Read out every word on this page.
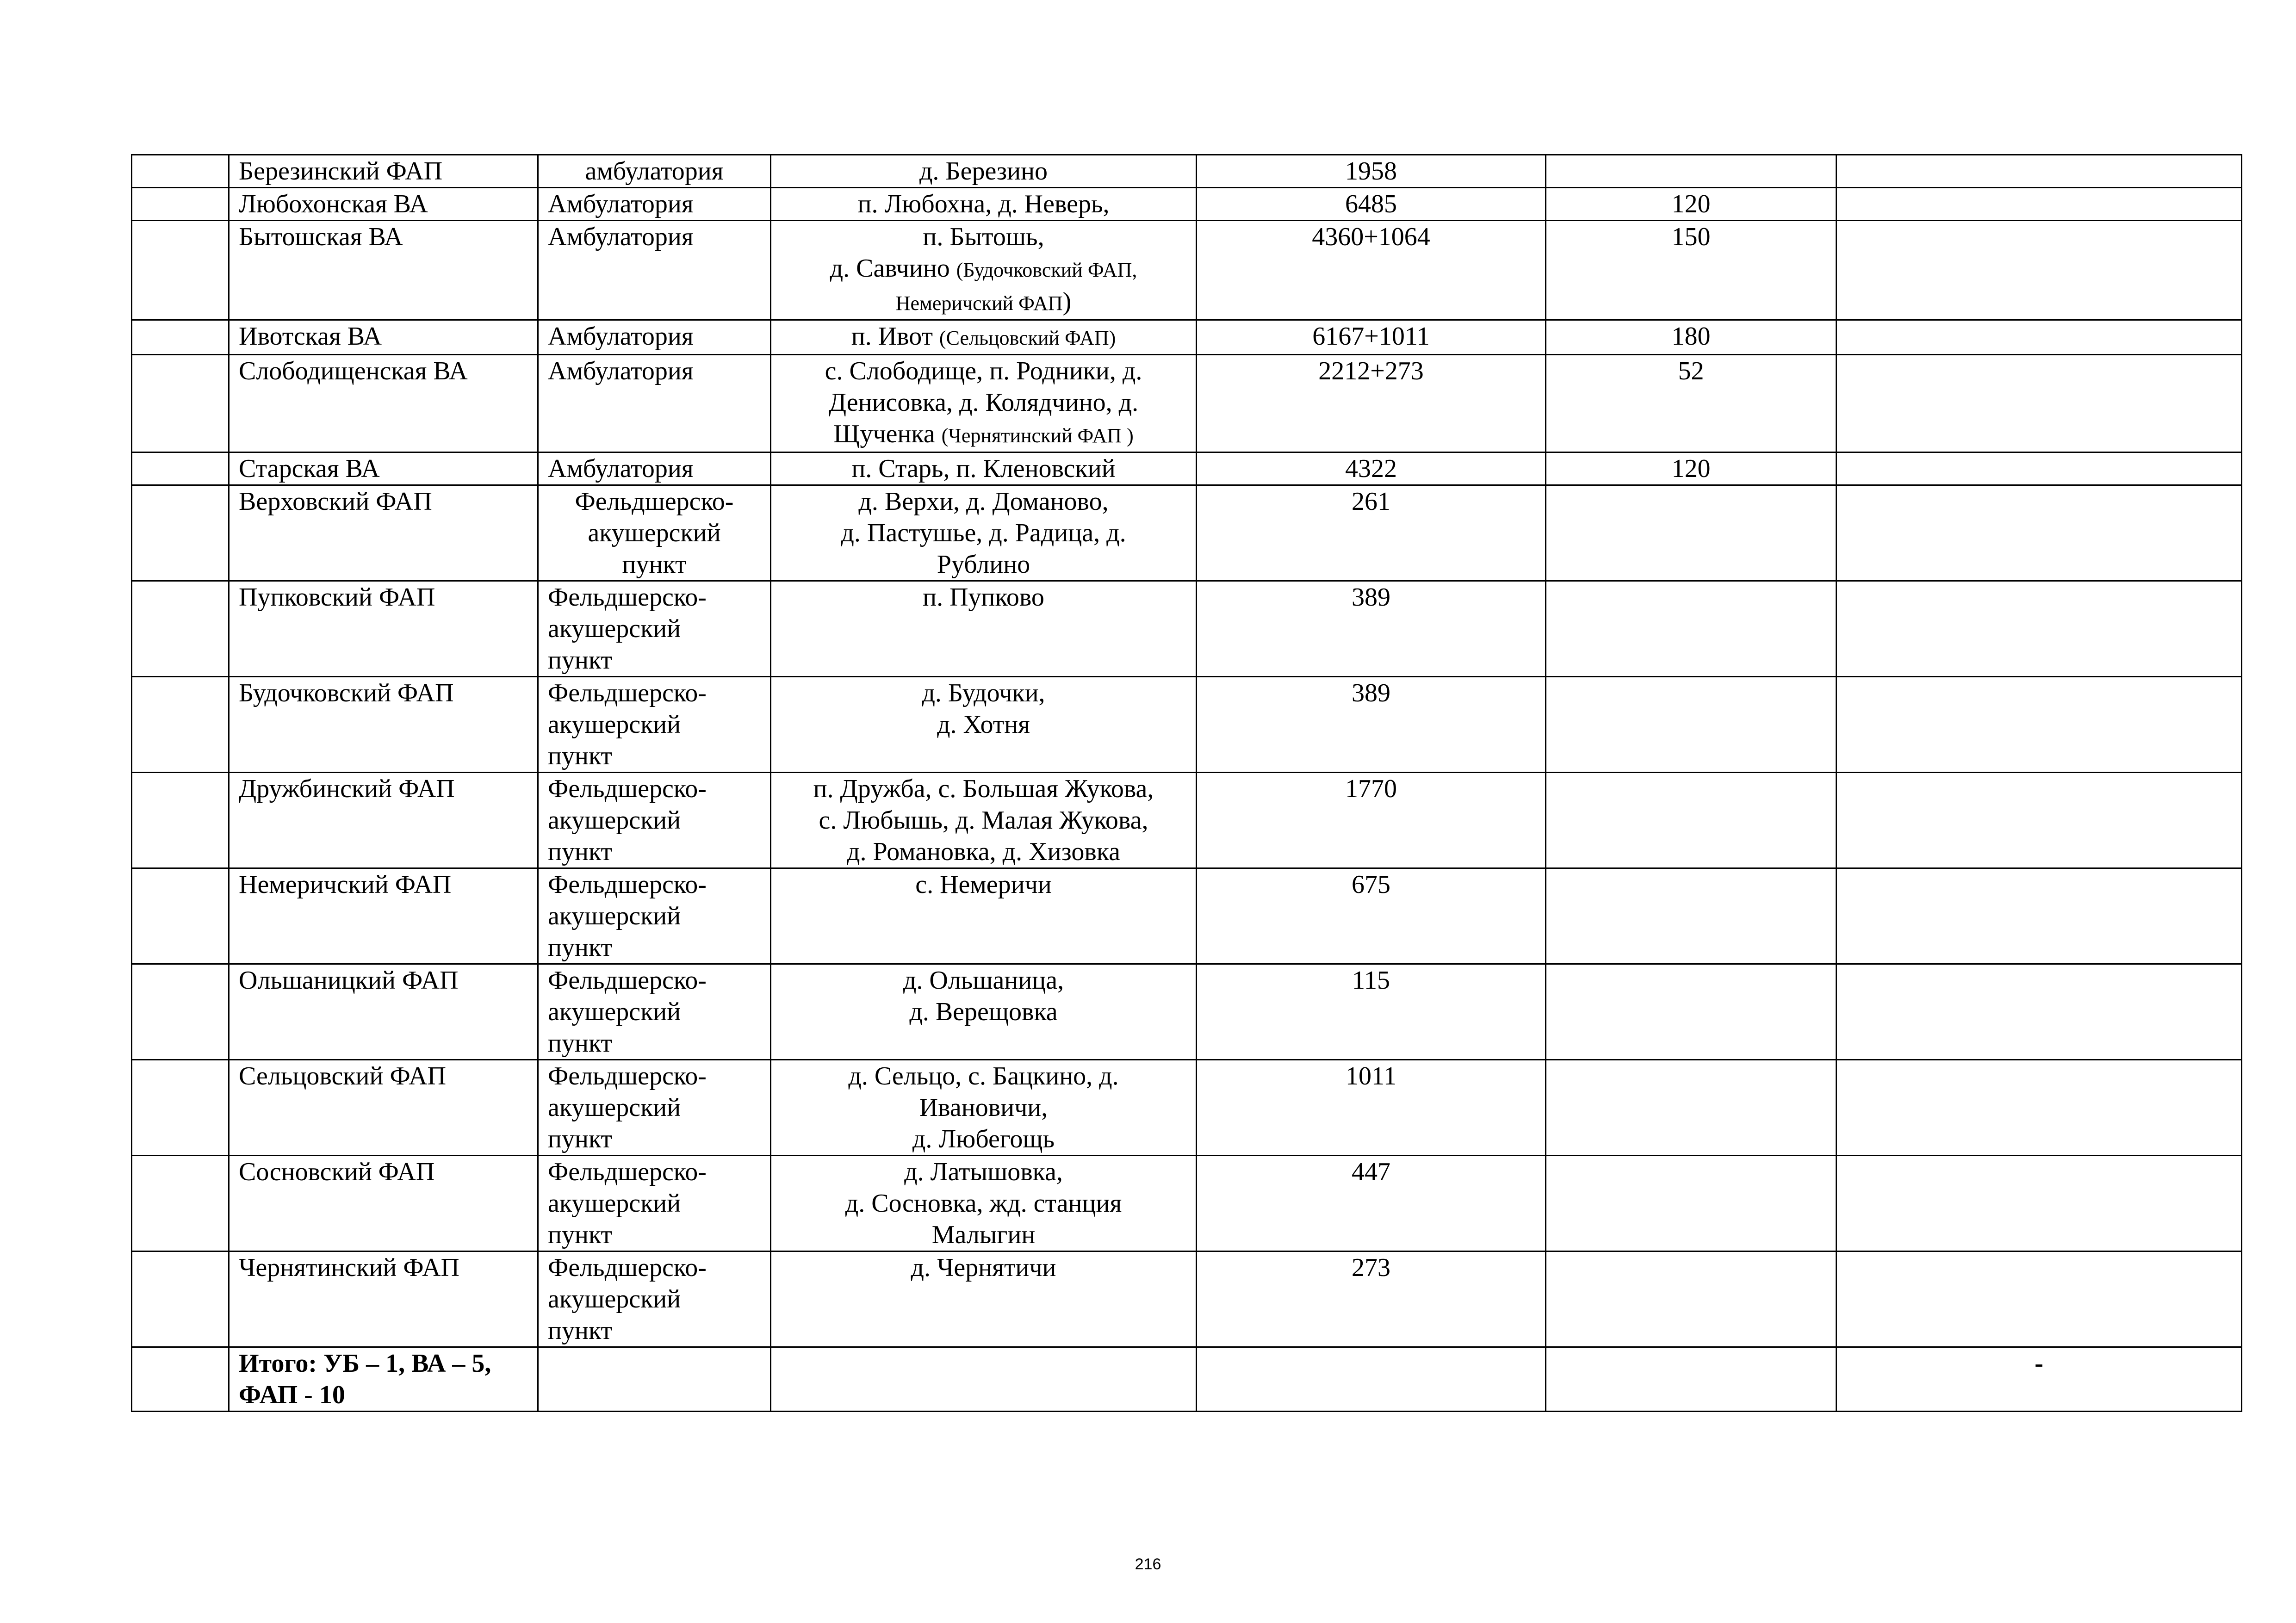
	Березинский ФАП	амбулатория	д. Березино	1958		
	Любохонская ВА	Амбулатория	п. Любохна, д. Неверь,	6485	120	
	Бытошская ВА	Амбулатория	п. Бытошь,
д. Савчино (Будочковский ФАП,
Немеричский ФАП)	4360+1064	150	
	Ивотская ВА	Амбулатория	п. Ивот (Сельцовский ФАП)	6167+1011	180	
	Слободищенская ВА	Амбулатория	с. Слободище, п. Родники, д.
Денисовка, д. Колядчино, д.
Щученка (Чернятинский ФАП )	2212+273	52	
	Старская ВА	Амбулатория	п. Старь, п. Кленовский	4322	120	
	Верховский ФАП	Фельдшерско-
акушерский
пункт	д. Верхи, д. Доманово,
д. Пастушье, д. Радица, д.
Рублино	261		
	Пупковский ФАП	Фельдшерско-
акушерский
пункт	п. Пупково	389		
	Будочковский ФАП	Фельдшерско-
акушерский
пункт	д. Будочки,
д. Хотня	389		
	Дружбинский ФАП	Фельдшерско-
акушерский
пункт	п. Дружба, с. Большая Жукова,
с. Любышь, д. Малая Жукова,
д. Романовка, д. Хизовка	1770		
	Немеричский ФАП	Фельдшерско-
акушерский
пункт	с. Немеричи	675		
	Ольшаницкий ФАП	Фельдшерско-
акушерский
пункт	д. Ольшаница,
д. Верещовка	115		
	Сельцовский ФАП	Фельдшерско-
акушерский
пункт	д. Сельцо, с. Бацкино, д.
Ивановичи,
д. Любегощь	1011		
	Сосновский ФАП	Фельдшерско-
акушерский
пункт	д. Латышовка,
д. Сосновка, жд. станция
Малыгин	447		
	Чернятинский ФАП	Фельдшерско-
акушерский
пункт	д. Чернятичи	273		
	Итого: УБ – 1, ВА – 5,
ФАП - 10					-
216
